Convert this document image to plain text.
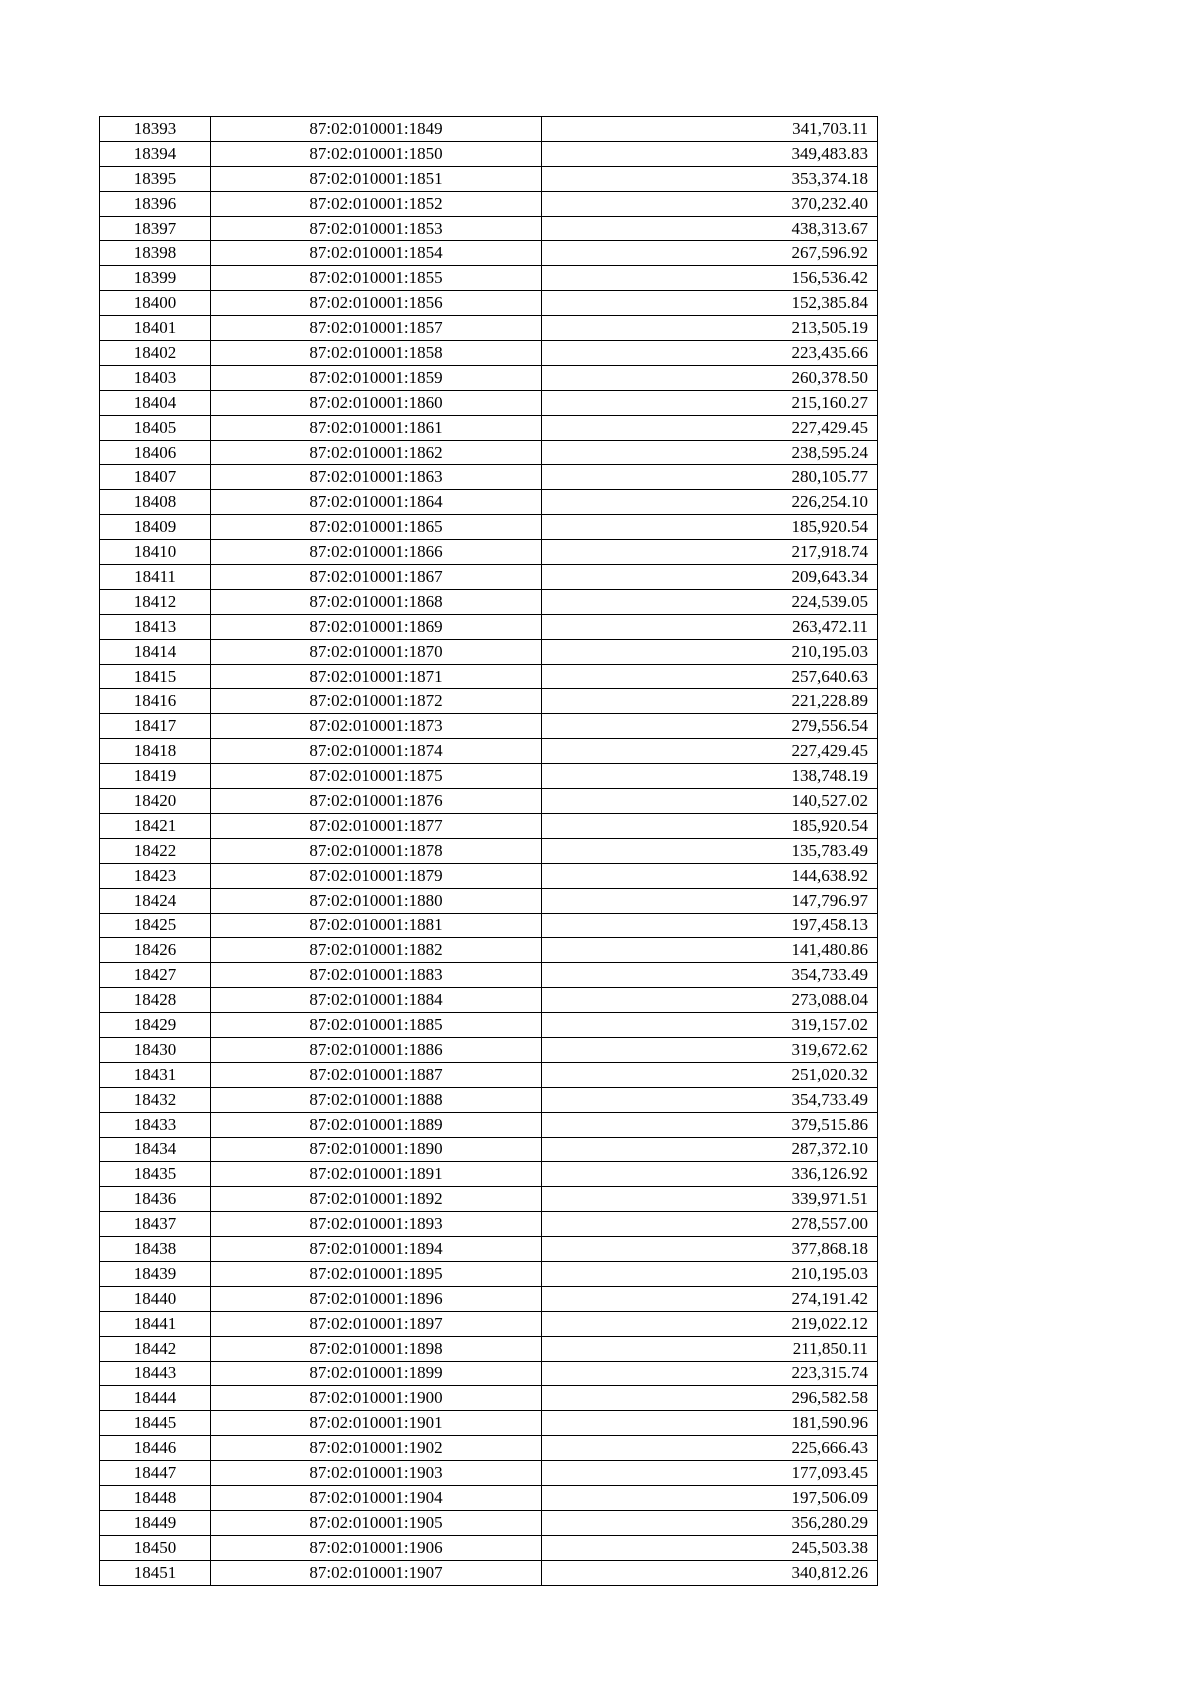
18393	87:02:010001:1849	341,703.11
18394	87:02:010001:1850	349,483.83
18395	87:02:010001:1851	353,374.18
18396	87:02:010001:1852	370,232.40
18397	87:02:010001:1853	438,313.67
18398	87:02:010001:1854	267,596.92
18399	87:02:010001:1855	156,536.42
18400	87:02:010001:1856	152,385.84
18401	87:02:010001:1857	213,505.19
18402	87:02:010001:1858	223,435.66
18403	87:02:010001:1859	260,378.50
18404	87:02:010001:1860	215,160.27
18405	87:02:010001:1861	227,429.45
18406	87:02:010001:1862	238,595.24
18407	87:02:010001:1863	280,105.77
18408	87:02:010001:1864	226,254.10
18409	87:02:010001:1865	185,920.54
18410	87:02:010001:1866	217,918.74
18411	87:02:010001:1867	209,643.34
18412	87:02:010001:1868	224,539.05
18413	87:02:010001:1869	263,472.11
18414	87:02:010001:1870	210,195.03
18415	87:02:010001:1871	257,640.63
18416	87:02:010001:1872	221,228.89
18417	87:02:010001:1873	279,556.54
18418	87:02:010001:1874	227,429.45
18419	87:02:010001:1875	138,748.19
18420	87:02:010001:1876	140,527.02
18421	87:02:010001:1877	185,920.54
18422	87:02:010001:1878	135,783.49
18423	87:02:010001:1879	144,638.92
18424	87:02:010001:1880	147,796.97
18425	87:02:010001:1881	197,458.13
18426	87:02:010001:1882	141,480.86
18427	87:02:010001:1883	354,733.49
18428	87:02:010001:1884	273,088.04
18429	87:02:010001:1885	319,157.02
18430	87:02:010001:1886	319,672.62
18431	87:02:010001:1887	251,020.32
18432	87:02:010001:1888	354,733.49
18433	87:02:010001:1889	379,515.86
18434	87:02:010001:1890	287,372.10
18435	87:02:010001:1891	336,126.92
18436	87:02:010001:1892	339,971.51
18437	87:02:010001:1893	278,557.00
18438	87:02:010001:1894	377,868.18
18439	87:02:010001:1895	210,195.03
18440	87:02:010001:1896	274,191.42
18441	87:02:010001:1897	219,022.12
18442	87:02:010001:1898	211,850.11
18443	87:02:010001:1899	223,315.74
18444	87:02:010001:1900	296,582.58
18445	87:02:010001:1901	181,590.96
18446	87:02:010001:1902	225,666.43
18447	87:02:010001:1903	177,093.45
18448	87:02:010001:1904	197,506.09
18449	87:02:010001:1905	356,280.29
18450	87:02:010001:1906	245,503.38
18451	87:02:010001:1907	340,812.26
